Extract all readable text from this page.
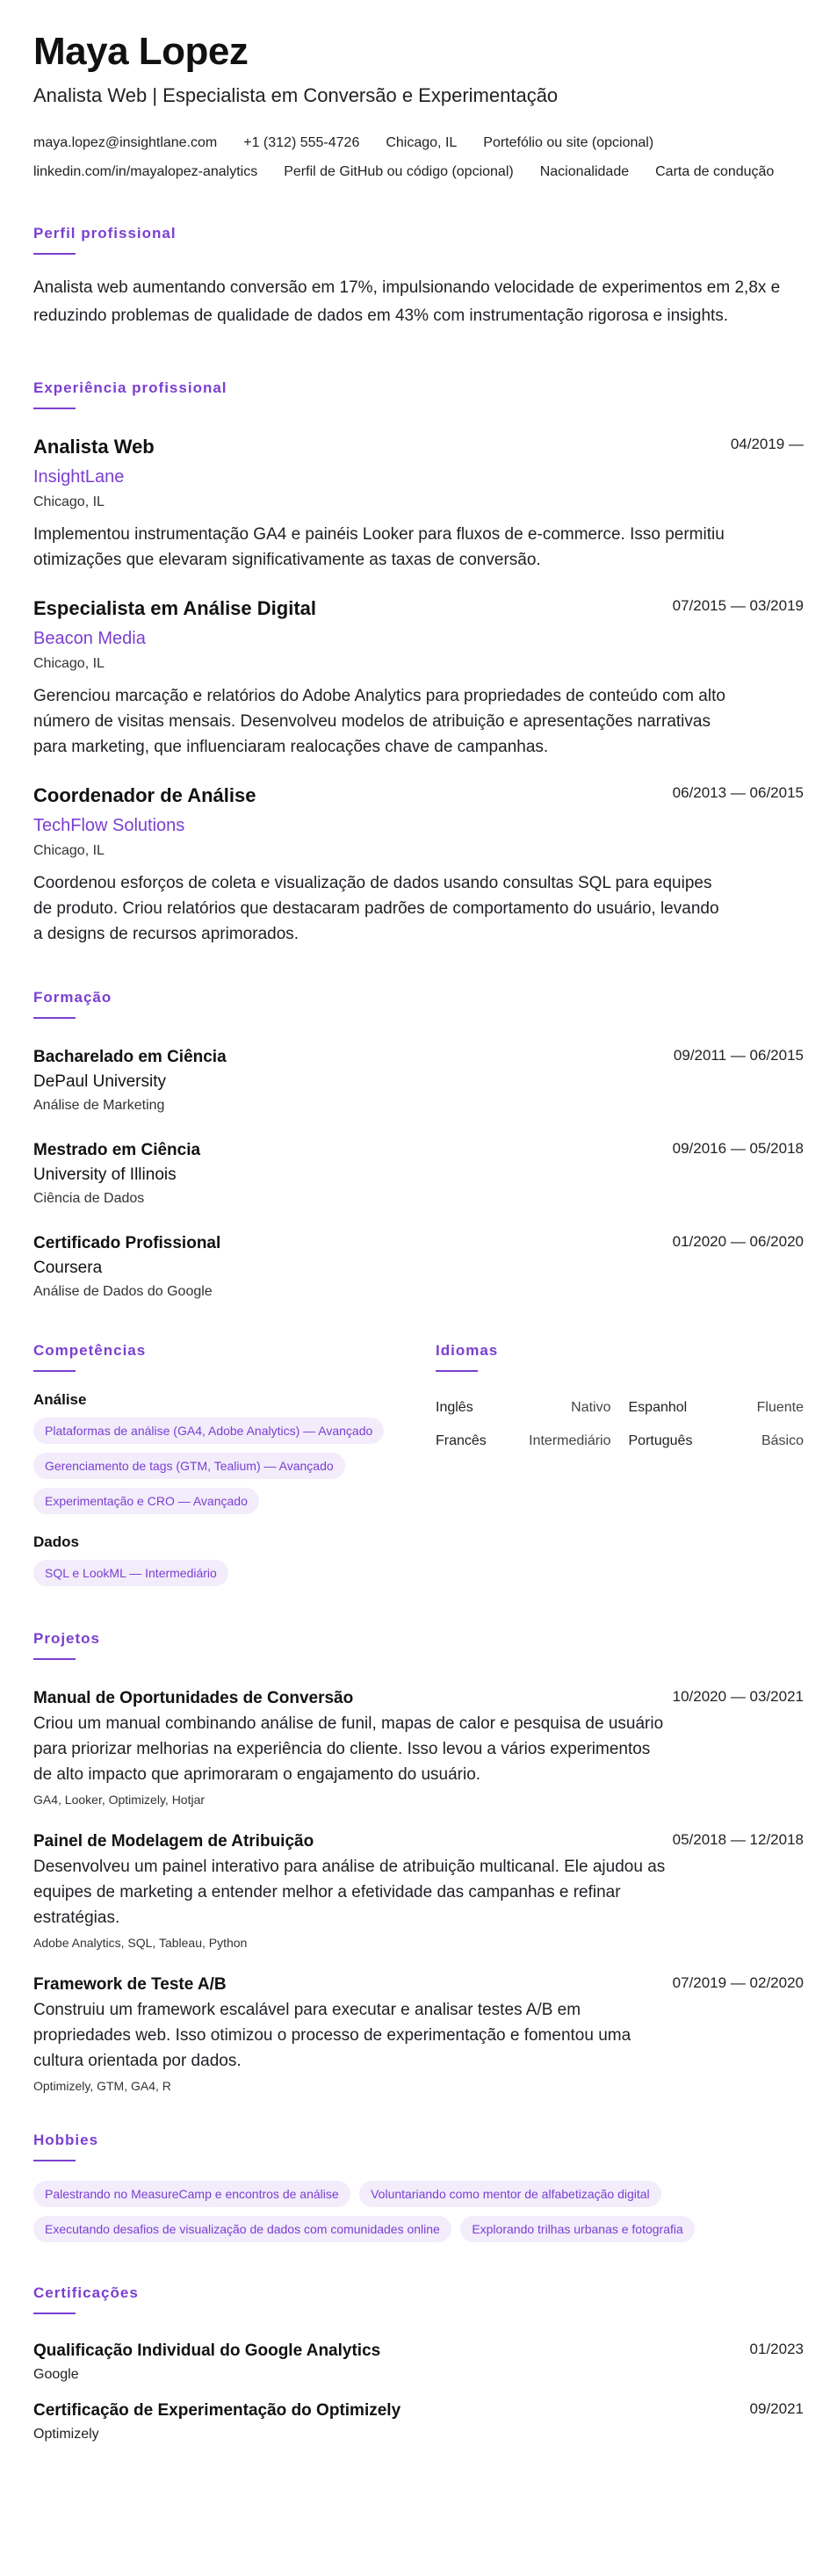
Maya Lopez
Analista Web | Especialista em Conversão e Experimentação
maya.lopez@insightlane.com +1 (312) 555-4726 Chicago, IL Portefólio ou site (opcional)
linkedin.com/in/mayalopez-analytics Perfil de GitHub ou código (opcional) Nacionalidade Carta de condução
Perfil profissional
Analista web aumentando conversão em 17%, impulsionando velocidade de experimentos em 2,8x e reduzindo problemas de qualidade de dados em 43% com instrumentação rigorosa e insights.
Experiência profissional
Analista Web	04/2019 —
InsightLane
Chicago, IL
Implementou instrumentação GA4 e painéis Looker para fluxos de e-commerce. Isso permitiu otimizações que elevaram significativamente as taxas de conversão.
Especialista em Análise Digital	07/2015 — 03/2019
Beacon Media
Chicago, IL
Gerenciou marcação e relatórios do Adobe Analytics para propriedades de conteúdo com alto número de visitas mensais. Desenvolveu modelos de atribuição e apresentações narrativas para marketing, que influenciaram realocações chave de campanhas.
Coordenador de Análise	06/2013 — 06/2015
TechFlow Solutions
Chicago, IL
Coordenou esforços de coleta e visualização de dados usando consultas SQL para equipes de produto. Criou relatórios que destacaram padrões de comportamento do usuário, levando a designs de recursos aprimorados.
Formação
Bacharelado em Ciência	09/2011 — 06/2015
DePaul University
Análise de Marketing
Mestrado em Ciência	09/2016 — 05/2018
University of Illinois
Ciência de Dados
Certificado Profissional	01/2020 — 06/2020
Coursera
Análise de Dados do Google
Competências
Análise
Plataformas de análise (GA4, Adobe Analytics) — Avançado Gerenciamento de tags (GTM, Tealium) — Avançado Experimentação e CRO — Avançado
Dados
SQL e LookML — Intermediário
Idiomas
Inglês	Nativo Espanhol	Fluente
Francês	Intermediário Português	Básico
Projetos
Manual de Oportunidades de Conversão	10/2020 — 03/2021
Criou um manual combinando análise de funil, mapas de calor e pesquisa de usuário para priorizar melhorias na experiência do cliente. Isso levou a vários experimentos de alto impacto que aprimoraram o engajamento do usuário.
GA4, Looker, Optimizely, Hotjar
Painel de Modelagem de Atribuição	05/2018 — 12/2018
Desenvolveu um painel interativo para análise de atribuição multicanal. Ele ajudou as equipes de marketing a entender melhor a efetividade das campanhas e refinar estratégias.
Adobe Analytics, SQL, Tableau, Python
Framework de Teste A/B	07/2019 — 02/2020
Construiu um framework escalável para executar e analisar testes A/B em propriedades web. Isso otimizou o processo de experimentação e fomentou uma cultura orientada por dados.
Optimizely, GTM, GA4, R
Hobbies
Palestrando no MeasureCamp e encontros de análise	Voluntariando como mentor de alfabetização digital Executando desafios de visualização de dados com comunidades online	Explorando trilhas urbanas e fotografia
Certificações
Qualificação Individual do Google Analytics	01/2023
Google
Certificação de Experimentação do Optimizely	09/2021
Optimizely
